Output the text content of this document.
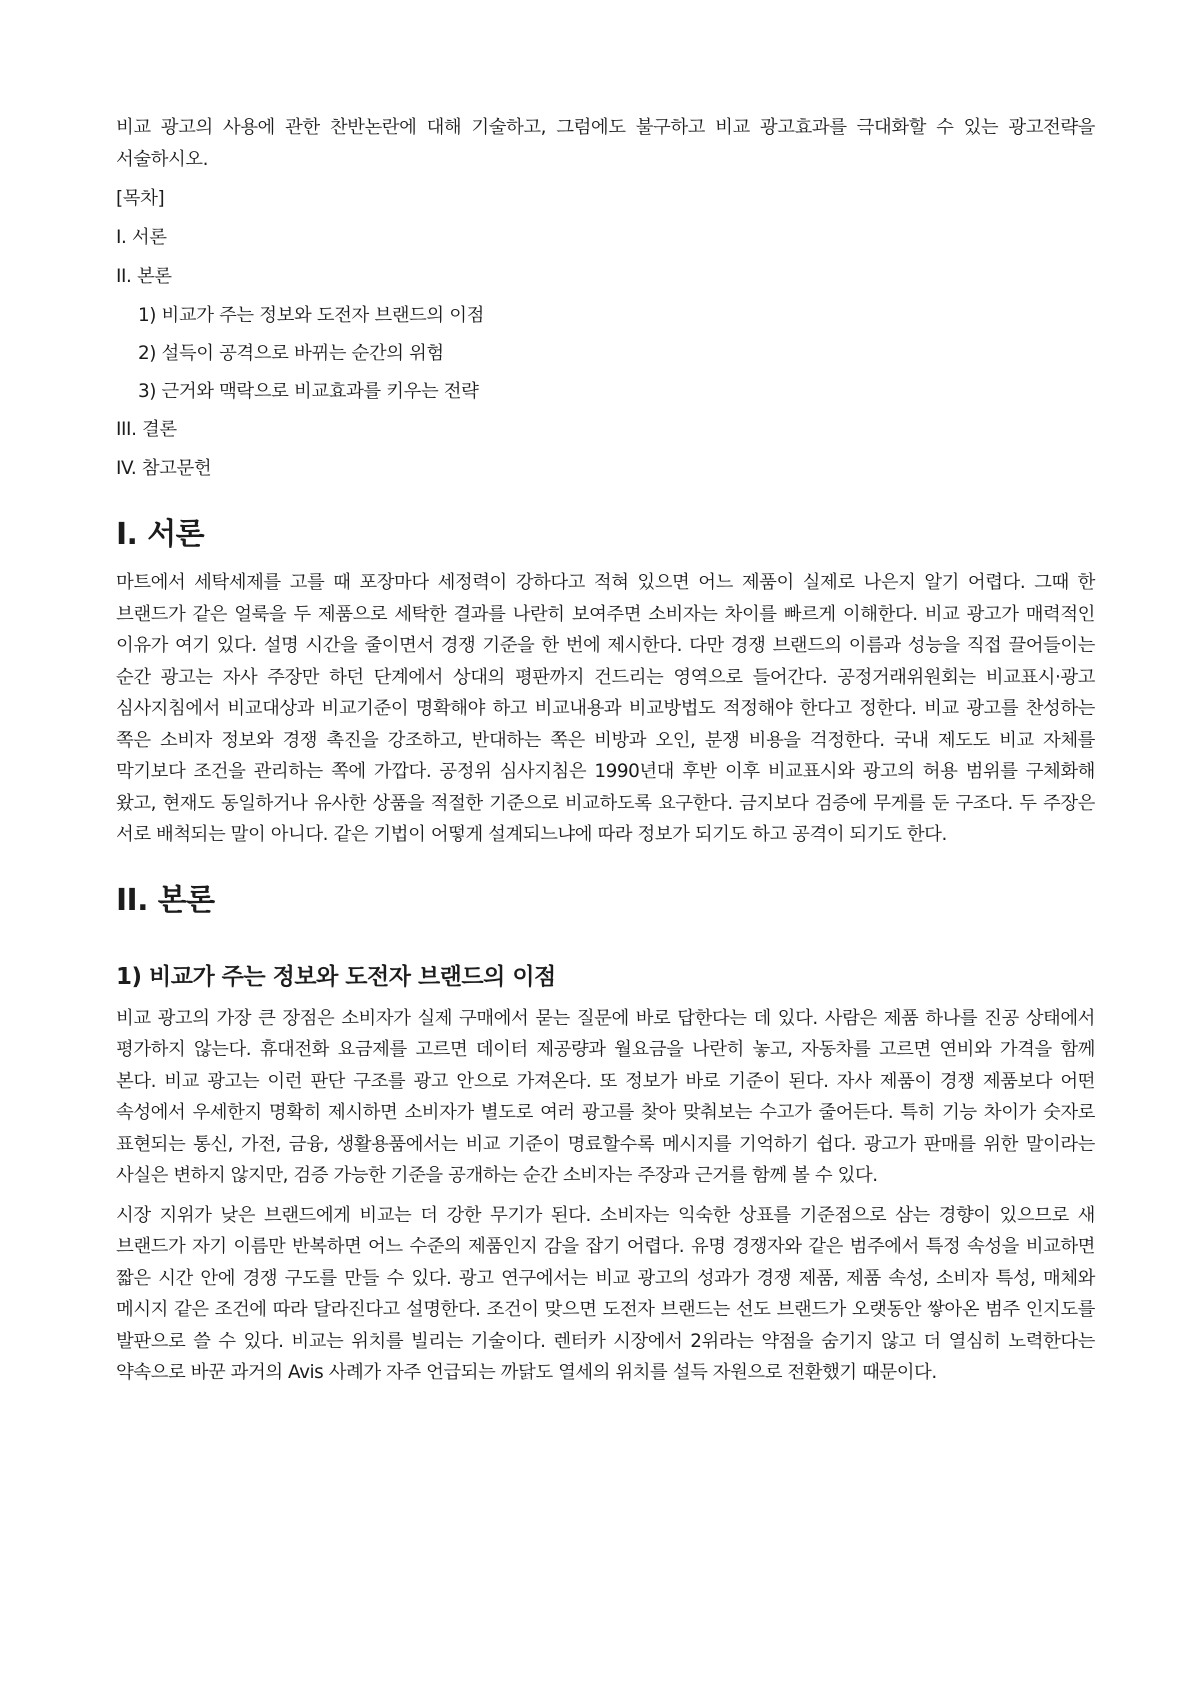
비교 광고의 사용에 관한 찬반논란에 대해 기술하고, 그럼에도 불구하고 비교 광고효과를 극대화할 수 있는 광고전략을 서술하시오.

[목차]
I. 서론
II. 본론
1) 비교가 주는 정보와 도전자 브랜드의 이점
2) 설득이 공격으로 바뀌는 순간의 위험
3) 근거와 맥락으로 비교효과를 키우는 전략
III. 결론
IV. 참고문헌
I. 서론

마트에서 세탁세제를 고를 때 포장마다 세정력이 강하다고 적혀 있으면 어느 제품이 실제로 나은지 알기 어렵다. 그때 한 브랜드가 같은 얼룩을 두 제품으로 세탁한 결과를 나란히 보여주면 소비자는 차이를 빠르게 이해한다. 비교 광고가 매력적인 이유가 여기 있다. 설명 시간을 줄이면서 경쟁 기준을 한 번에 제시한다. 다만 경쟁 브랜드의 이름과 성능을 직접 끌어들이는 순간 광고는 자사 주장만 하던 단계에서 상대의 평판까지 건드리는 영역으로 들어간다. 공정거래위원회는 비교표시·광고 심사지침에서 비교대상과 비교기준이 명확해야 하고 비교내용과 비교방법도 적정해야 한다고 정한다. 비교 광고를 찬성하는 쪽은 소비자 정보와 경쟁 촉진을 강조하고, 반대하는 쪽은 비방과 오인, 분쟁 비용을 걱정한다. 국내 제도도 비교 자체를 막기보다 조건을 관리하는 쪽에 가깝다. 공정위 심사지침은 1990년대 후반 이후 비교표시와 광고의 허용 범위를 구체화해 왔고, 현재도 동일하거나 유사한 상품을 적절한 기준으로 비교하도록 요구한다. 금지보다 검증에 무게를 둔 구조다. 두 주장은 서로 배척되는 말이 아니다. 같은 기법이 어떻게 설계되느냐에 따라 정보가 되기도 하고 공격이 되기도 한다.

II. 본론
1) 비교가 주는 정보와 도전자 브랜드의 이점

비교 광고의 가장 큰 장점은 소비자가 실제 구매에서 묻는 질문에 바로 답한다는 데 있다. 사람은 제품 하나를 진공 상태에서 평가하지 않는다. 휴대전화 요금제를 고르면 데이터 제공량과 월요금을 나란히 놓고, 자동차를 고르면 연비와 가격을 함께 본다. 비교 광고는 이런 판단 구조를 광고 안으로 가져온다. 또 정보가 바로 기준이 된다. 자사 제품이 경쟁 제품보다 어떤 속성에서 우세한지 명확히 제시하면 소비자가 별도로 여러 광고를 찾아 맞춰보는 수고가 줄어든다. 특히 기능 차이가 숫자로 표현되는 통신, 가전, 금융, 생활용품에서는 비교 기준이 명료할수록 메시지를 기억하기 쉽다. 광고가 판매를 위한 말이라는 사실은 변하지 않지만, 검증 가능한 기준을 공개하는 순간 소비자는 주장과 근거를 함께 볼 수 있다.

시장 지위가 낮은 브랜드에게 비교는 더 강한 무기가 된다. 소비자는 익숙한 상표를 기준점으로 삼는 경향이 있으므로 새 브랜드가 자기 이름만 반복하면 어느 수준의 제품인지 감을 잡기 어렵다. 유명 경쟁자와 같은 범주에서 특정 속성을 비교하면 짧은 시간 안에 경쟁 구도를 만들 수 있다. 광고 연구에서는 비교 광고의 성과가 경쟁 제품, 제품 속성, 소비자 특성, 매체와 메시지 같은 조건에 따라 달라진다고 설명한다. 조건이 맞으면 도전자 브랜드는 선도 브랜드가 오랫동안 쌓아온 범주 인지도를 발판으로 쓸 수 있다. 비교는 위치를 빌리는 기술이다. 렌터카 시장에서 2위라는 약점을 숨기지 않고 더 열심히 노력한다는 약속으로 바꾼 과거의 Avis 사례가 자주 언급되는 까닭도 열세의 위치를 설득 자원으로 전환했기 때문이다.
